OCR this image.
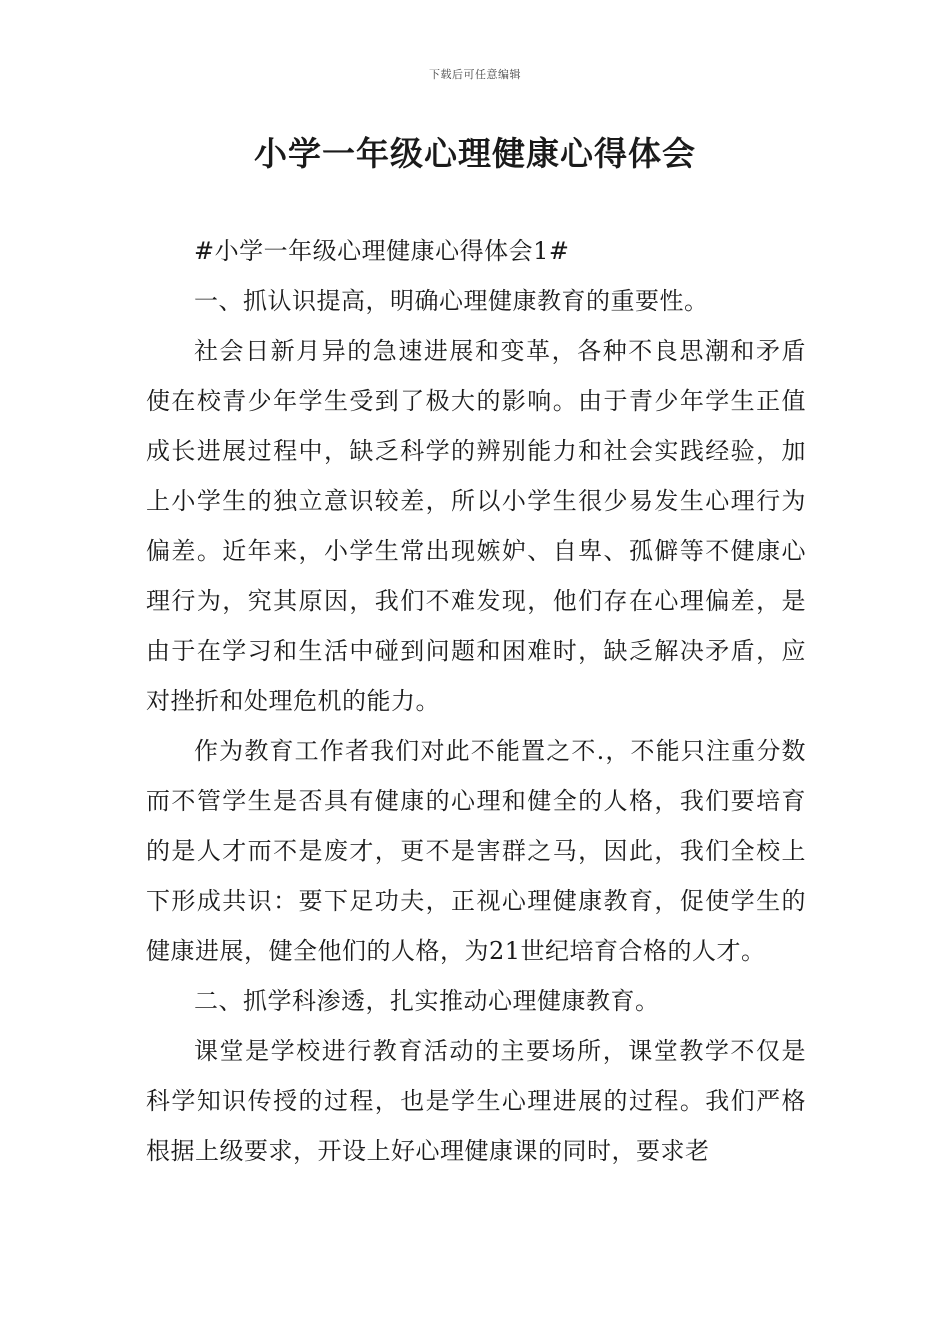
下载后可任意编辑
小学一年级心理健康心得体会

#小学一年级心理健康心得体会1#

一、抓认识提高，明确心理健康教育的重要性。

社会日新月异的急速进展和变革，各种不良思潮和矛盾使在校青少年学生受到了极大的影响。由于青少年学生正值成长进展过程中，缺乏科学的辨别能力和社会实践经验，加上小学生的独立意识较差，所以小学生很少易发生心理行为偏差。近年来，小学生常出现嫉妒、自卑、孤僻等不健康心理行为，究其原因，我们不难发现，他们存在心理偏差，是由于在学习和生活中碰到问题和困难时，缺乏解决矛盾，应对挫折和处理危机的能力。

作为教育工作者我们对此不能置之不.，不能只注重分数而不管学生是否具有健康的心理和健全的人格，我们要培育的是人才而不是废才，更不是害群之马，因此，我们全校上下形成共识：要下足功夫，正视心理健康教育，促使学生的健康进展，健全他们的人格，为21世纪培育合格的人才。

二、抓学科渗透，扎实推动心理健康教育。

课堂是学校进行教育活动的主要场所，课堂教学不仅是科学知识传授的过程，也是学生心理进展的过程。我们严格根据上级要求，开设上好心理健康课的同时，要求老
